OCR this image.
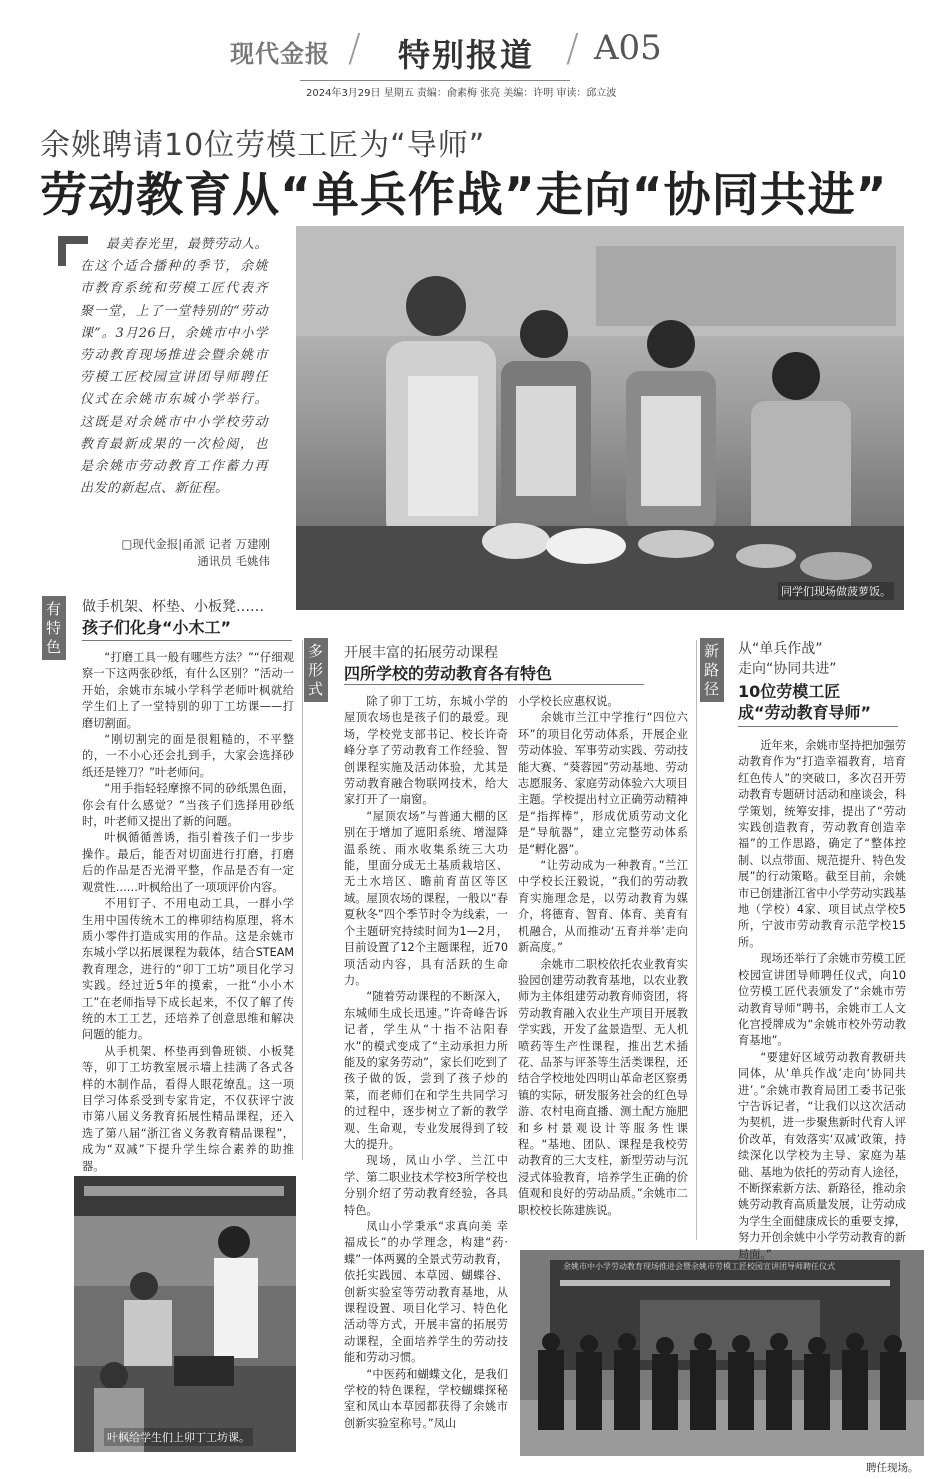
现代金报 / 特别报道 / A05
2024年3月29日 星期五 责编：俞素梅 张亮 美编：许明 审读：邱立波
余姚聘请10位劳模工匠为“导师”
劳动教育从“单兵作战”走向“协同共进”
最美春光里，最赞劳动人。在这个适合播种的季节，余姚市教育系统和劳模工匠代表齐聚一堂，上了一堂特别的“劳动课”。3月26日，余姚市中小学劳动教育现场推进会暨余姚市劳模工匠校园宣讲团导师聘任仪式在余姚市东城小学举行。这既是对余姚市中小学校劳动教育最新成果的一次检阅，也是余姚市劳动教育工作蓄力再出发的新起点、新征程。
□现代金报|甬派 记者 万建刚
通讯员 毛姚伟
同学们现场做菠萝饭。
有
特
色
做手机架、杯垫、小板凳……
孩子们化身“小木工”

“打磨工具一般有哪些方法？”“仔细观察一下这两张砂纸，有什么区别？”活动一开始，余姚市东城小学科学老师叶枫就给学生们上了一堂特别的卯丁工坊课——打磨切割面。

“刚切割完的面是很粗糙的，不平整的，一不小心还会扎到手，大家会选择砂纸还是锉刀？”叶老师问。

“用手指轻轻摩擦不同的砂纸黑色面，你会有什么感觉？”当孩子们选择用砂纸时，叶老师又提出了新的问题。

叶枫循循善诱，指引着孩子们一步步操作。最后，能否对切面进行打磨，打磨后的作品是否光滑平整，作品是否有一定观赏性……叶枫给出了一项项评价内容。

不用钉子、不用电动工具，一群小学生用中国传统木工的榫卯结构原理，将木质小零件打造成实用的作品。这是余姚市东城小学以拓展课程为载体，结合STEAM教育理念，进行的“卯丁工坊”项目化学习实践。经过近5年的摸索，一批“小小木工”在老师指导下成长起来，不仅了解了传统的木工工艺，还培养了创意思维和解决问题的能力。

从手机架、杯垫再到鲁班锁、小板凳等，卯丁工坊教室展示墙上挂满了各式各样的木制作品，看得人眼花缭乱。这一项目学习体系受到专家肯定，不仅获评宁波市第八届义务教育拓展性精品课程，还入选了第八届“浙江省义务教育精品课程”，成为“双减”下提升学生综合素养的助推器。

叶枫给学生们上卯丁工坊课。
多
形
式
开展丰富的拓展劳动课程
四所学校的劳动教育各有特色

除了卯丁工坊，东城小学的屋顶农场也是孩子们的最爱。现场，学校党支部书记、校长许奇峰分享了劳动教育工作经验、智创课程实施及活动体验，尤其是劳动教育融合物联网技术，给大家打开了一扇窗。

“屋顶农场”与普通大棚的区别在于增加了遮阳系统、增湿降温系统、雨水收集系统三大功能，里面分成无土基质栽培区、无土水培区、瞻前育苗区等区域。屋顶农场的课程，一般以“春夏秋冬”四个季节时令为线索，一个主题研究持续时间为1—2月，目前设置了12个主题课程，近70项活动内容，具有活跃的生命力。

“随着劳动课程的不断深入，东城师生成长迅速。”许奇峰告诉记者，学生从“十指不沾阳春水”的模式变成了“主动承担力所能及的家务劳动”，家长们吃到了孩子做的饭，尝到了孩子炒的菜，而老师们在和学生共同学习的过程中，逐步树立了新的教学观、生命观，专业发展得到了较大的提升。

现场，凤山小学、兰江中学、第二职业技术学校3所学校也分别介绍了劳动教育经验，各具特色。

凤山小学秉承“求真向美 幸福成长”的办学理念，构建“药·蝶”一体两翼的全景式劳动教育，依托实践园、本草园、蝴蝶谷、创新实验室等劳动教育基地，从课程设置、项目化学习、特色化活动等方式，开展丰富的拓展劳动课程，全面培养学生的劳动技能和劳动习惯。

“中医药和蝴蝶文化，是我们学校的特色课程，学校蝴蝶探秘室和凤山本草园都获得了余姚市创新实验室称号。”凤山

小学校长应惠权说。

余姚市兰江中学推行“四位六环”的项目化劳动体系，开展企业劳动体验、军事劳动实践、劳动技能大赛、“葵蓉园”劳动基地、劳动志愿服务、家庭劳动体验六大项目主题。学校提出村立正确劳动精神是“指挥棒”，形成优质劳动文化是“导航器”，建立完整劳动体系是“孵化器”。

“让劳动成为一种教育。”兰江中学校长汪毅说，“我们的劳动教育实施理念是，以劳动教育为媒介，将德育、智育、体育、美育有机融合，从而推动‘五育并举’走向新高度。”

余姚市二职校依托农业教育实验园创建劳动教育基地，以农业教师为主体组建劳动教育师资团，将劳动教育融入农业生产项目开展教学实践，开发了盆景造型、无人机喷药等生产性课程，推出艺术插花、品茶与评茶等生活类课程，还结合学校地处四明山革命老区察勇镇的实际，研发服务社会的红色导游、农村电商直播、测土配方施肥和乡村景观设计等服务性课程。“基地、团队、课程是我校劳动教育的三大支柱，新型劳动与沉浸式体验教育，培养学生正确的价值观和良好的劳动品质。”余姚市二职校校长陈建族说。

余姚市中小学劳动教育现场推进会暨余姚市劳模工匠校园宣讲团导师聘任仪式
聘任现场。
新
路
径
从“单兵作战”
走向“协同共进”
10位劳模工匠
成“劳动教育导师”

近年来，余姚市坚持把加强劳动教育作为“打造幸福教育，培育红色传人”的突破口，多次召开劳动教育专题研讨活动和座谈会，科学策划，统筹安排，提出了“劳动实践创造教育，劳动教育创造幸福”的工作思路，确定了“整体控制、以点带面、规范提升、特色发展”的行动策略。截至目前，余姚市已创建浙江省中小学劳动实践基地（学校）4家、项目试点学校5所，宁波市劳动教育示范学校15所。

现场还举行了余姚市劳模工匠校园宣讲团导师聘任仪式，向10位劳模工匠代表颁发了“余姚市劳动教育导师”聘书，余姚市工人文化宫授牌成为“余姚市校外劳动教育基地”。

“要建好区域劳动教育教研共同体，从‘单兵作战’走向‘协同共进’。”余姚市教育局团工委书记张宁告诉记者，“让我们以这次活动为契机，进一步聚焦新时代育人评价改革，有效落实‘双减’政策，持续深化以学校为主导、家庭为基础、基地为依托的劳动育人途径，不断探索新方法、新路径，推动余姚劳动教育高质量发展，让劳动成为学生全面健康成长的重要支撑，努力开创余姚中小学劳动教育的新局面。”
